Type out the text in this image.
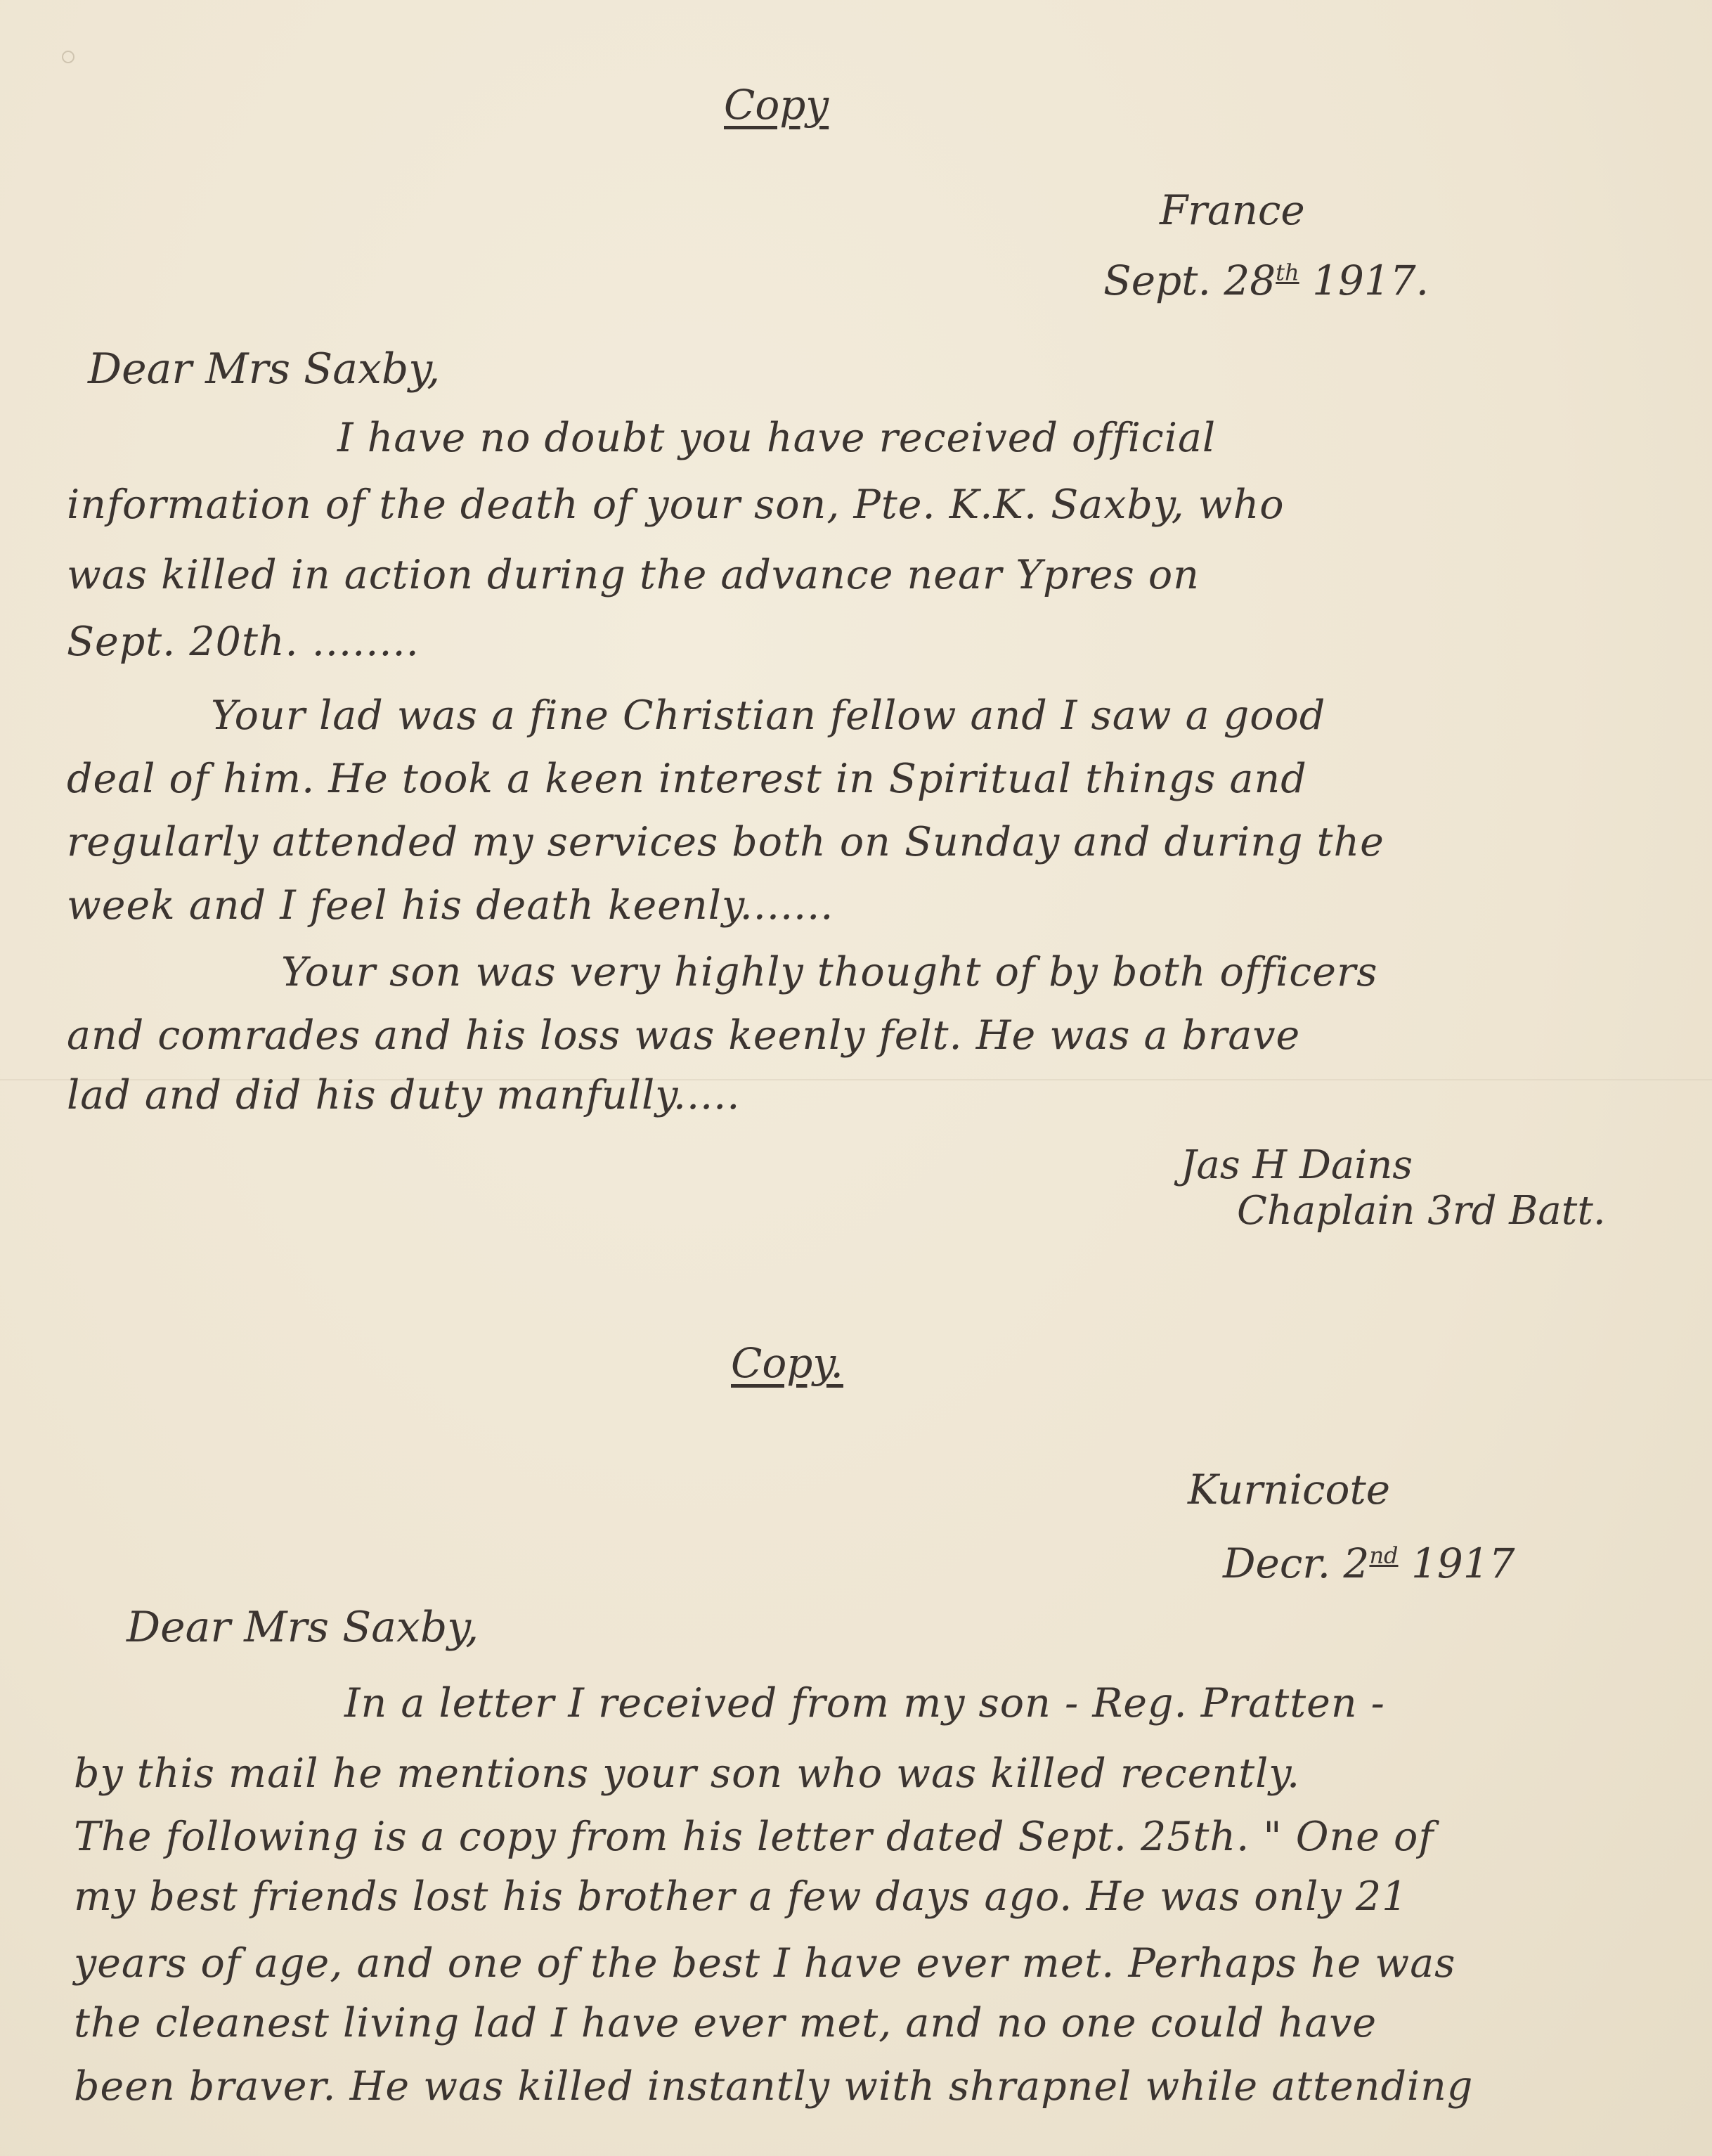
Copy
France
Sept. 28th 1917.
Dear Mrs Saxby,
I have no doubt you have received official
information of the death of your son, Pte. K.K. Saxby, who
was killed in action during the advance near Ypres on
Sept. 20th. ........
Your lad was a fine Christian fellow and I saw a good
deal of him. He took a keen interest in Spiritual things and
regularly attended my services both on Sunday and during the
week and I feel his death keenly.......
Your son was very highly thought of by both officers
and comrades and his loss was keenly felt. He was a brave
lad and did his duty manfully.....
Jas H Dains
Chaplain 3rd Batt.
Copy.
Kurnicote
Decr. 2nd 1917
Dear Mrs Saxby,
In a letter I received from my son - Reg. Pratten -
by this mail he mentions your son who was killed recently.
The following is a copy from his letter dated Sept. 25th. " One of
my best friends lost his brother a few days ago. He was only 21
years of age, and one of the best I have ever met. Perhaps he was
the cleanest living lad I have ever met, and no one could have
been braver. He was killed instantly with shrapnel while attending
